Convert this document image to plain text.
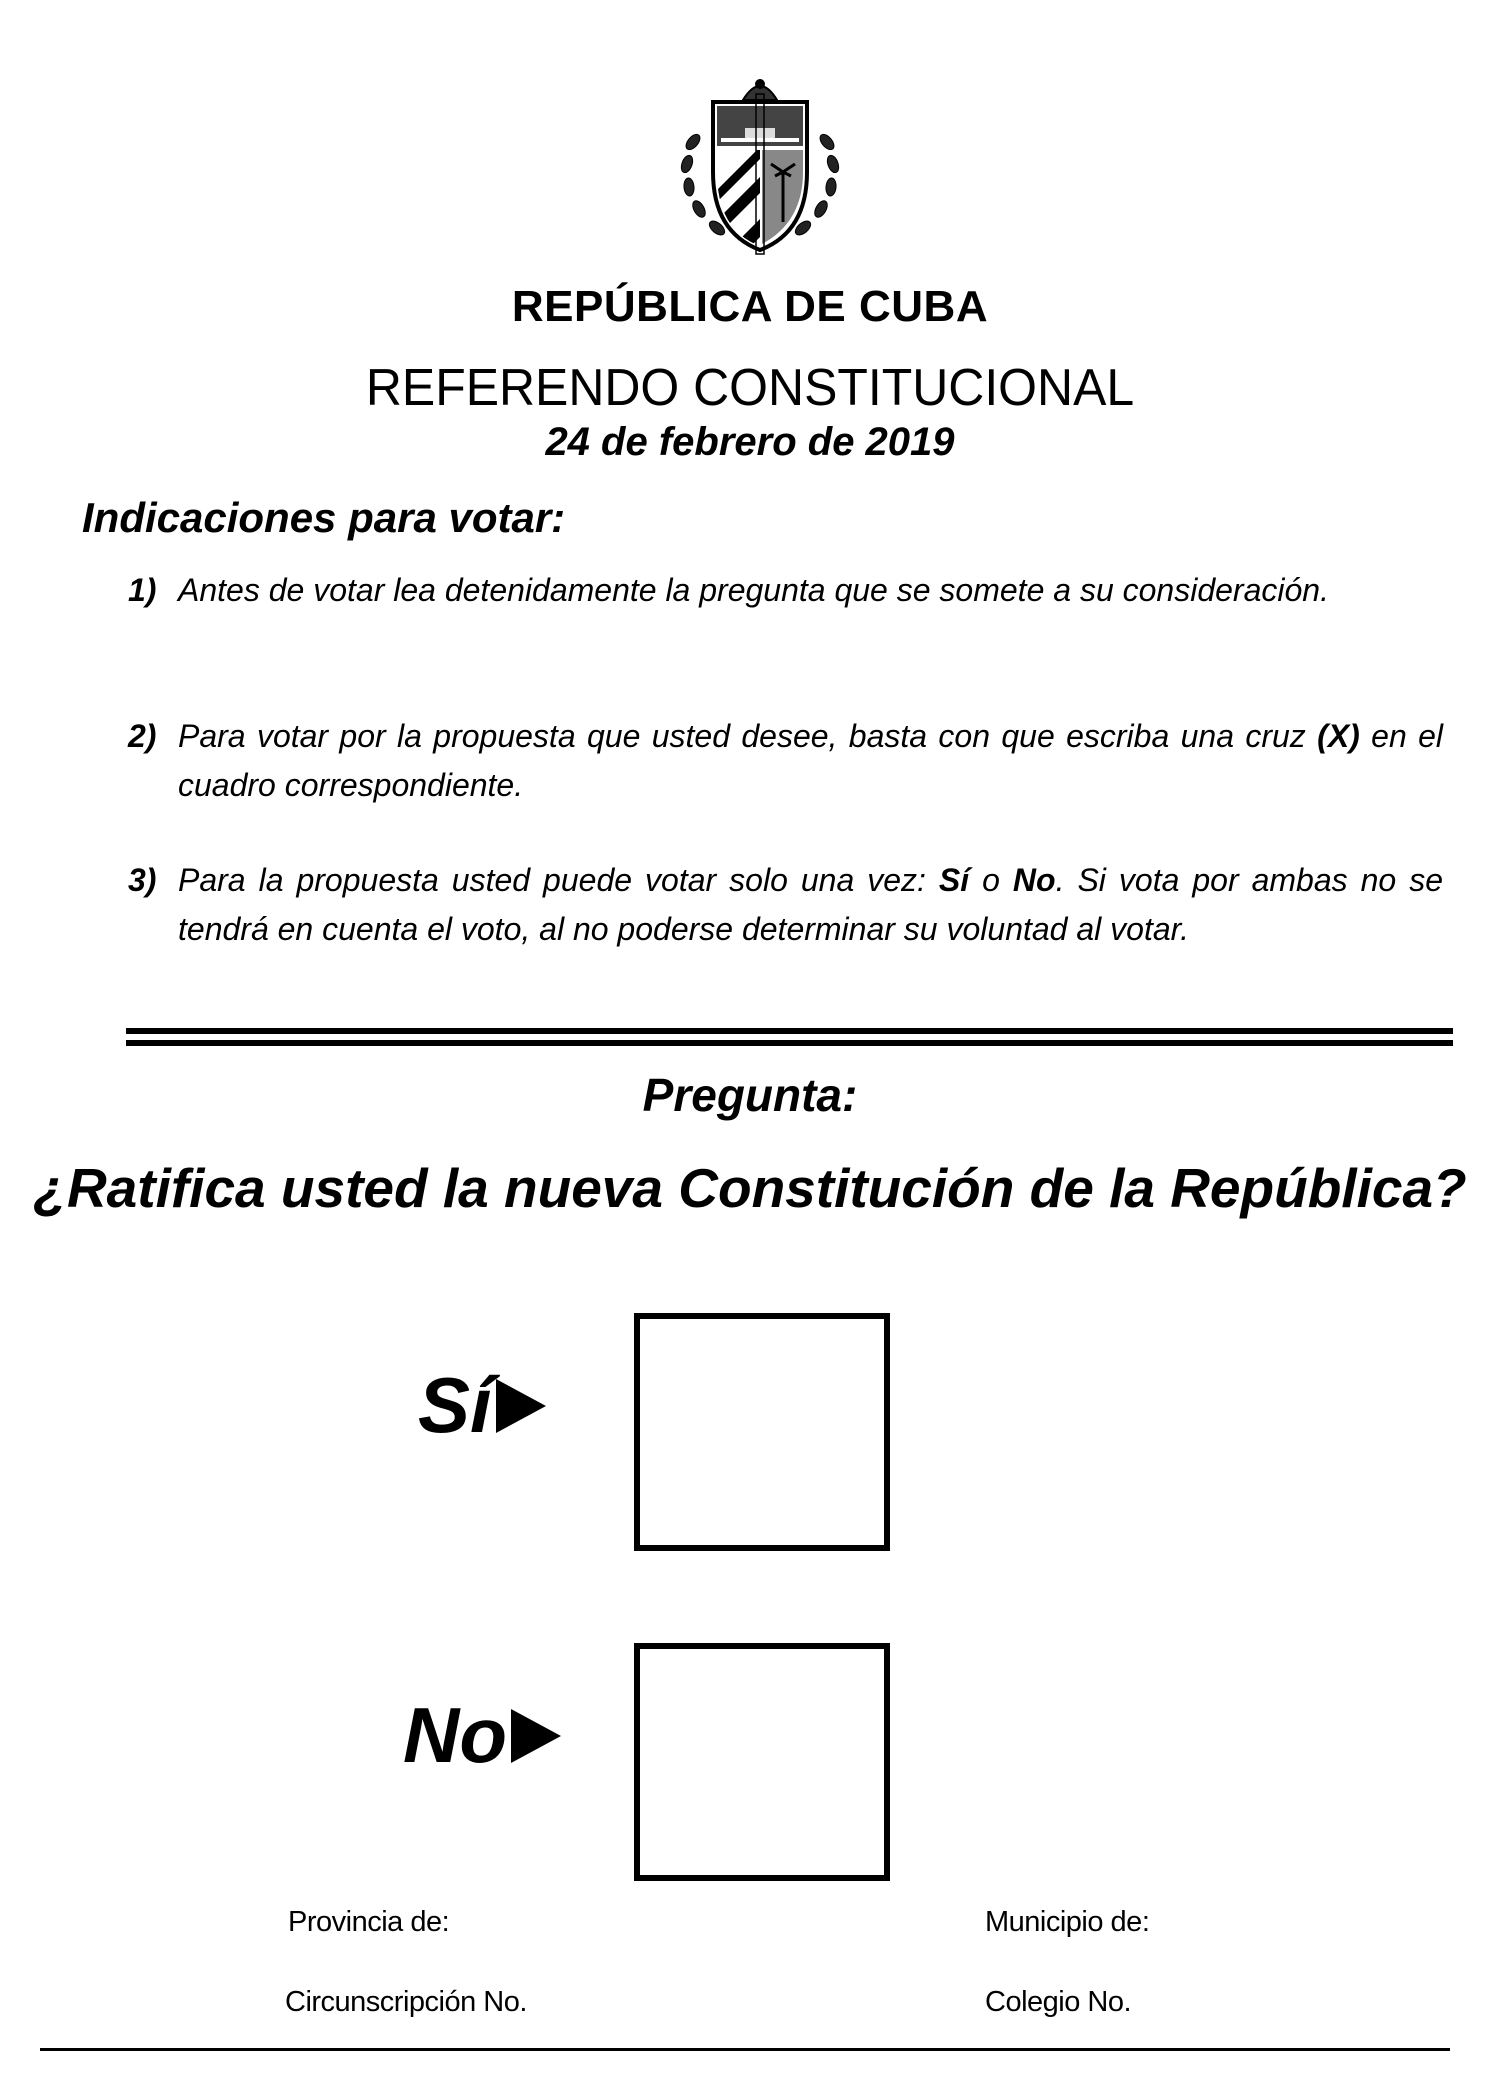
REPÚBLICA DE CUBA
REFERENDO CONSTITUCIONAL
24 de febrero de 2019
Indicaciones para votar:
1) Antes de votar lea detenidamente la pregunta que se somete a su consideración.
2) Para votar por la propuesta que usted desee, basta con que escriba una cruz (X) en el cuadro correspondiente.
3) Para la propuesta usted puede votar solo una vez: Sí o No. Si vota por ambas no se tendrá en cuenta el voto, al no poderse determinar su voluntad al votar.
Pregunta:
¿Ratifica usted la nueva Constitución de la República?
Sí
No
Provincia de:	Municipio de:
Circunscripción No.	Colegio No.
